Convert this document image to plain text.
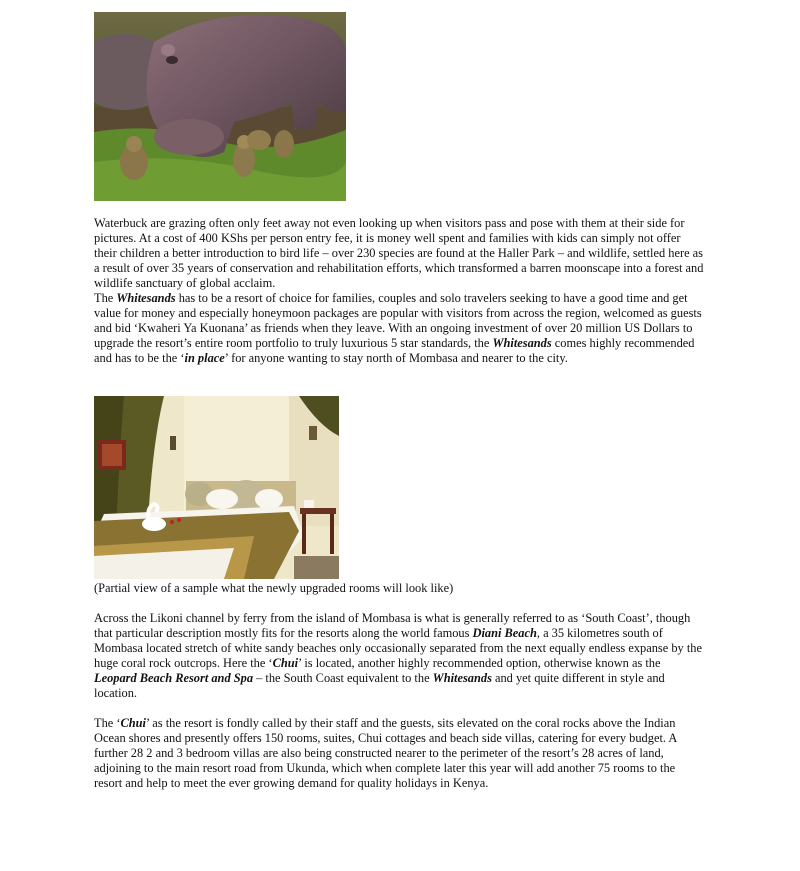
Waterbuck are grazing often only feet away not even looking up when visitors pass and pose with them at their side for pictures. At a cost of 400 KShs per person entry fee, it is money well spent and families with kids can simply not offer their children a better introduction to bird life – over 230 species are found at the Haller Park – and wildlife, settled here as a result of over 35 years of conservation and rehabilitation efforts, which transformed a barren moonscape into a forest and wildlife sanctuary of global acclaim.

The Whitesands has to be a resort of choice for families, couples and solo travelers seeking to have a good time and get value for money and especially honeymoon packages are popular with visitors from across the region, welcomed as guests and bid ‘Kwaheri Ya Kuonana’ as friends when they leave. With an ongoing investment of over 20 million US Dollars to upgrade the resort’s entire room portfolio to truly luxurious 5 star standards, the Whitesands comes highly recommended and has to be the ‘in place’ for anyone wanting to stay north of Mombasa and nearer to the city.

(Partial view of a sample what the newly upgraded rooms will look like)

Across the Likoni channel by ferry from the island of Mombasa is what is generally referred to as ‘South Coast’, though that particular description mostly fits for the resorts along the world famous Diani Beach, a 35 kilometres south of Mombasa located stretch of white sandy beaches only occasionally separated from the next equally endless expanse by the huge coral rock outcrops. Here the ‘Chui’ is located, another highly recommended option, otherwise known as the Leopard Beach Resort and Spa – the South Coast equivalent to the Whitesands and yet quite different in style and location.

The ‘Chui’ as the resort is fondly called by their staff and the guests, sits elevated on the coral rocks above the Indian Ocean shores and presently offers 150 rooms, suites, Chui cottages and beach side villas, catering for every budget. A further 28 2 and 3 bedroom villas are also being constructed nearer to the perimeter of the resort’s 28 acres of land, adjoining to the main resort road from Ukunda, which when complete later this year will add another 75 rooms to the resort and help to meet the ever growing demand for quality holidays in Kenya.
